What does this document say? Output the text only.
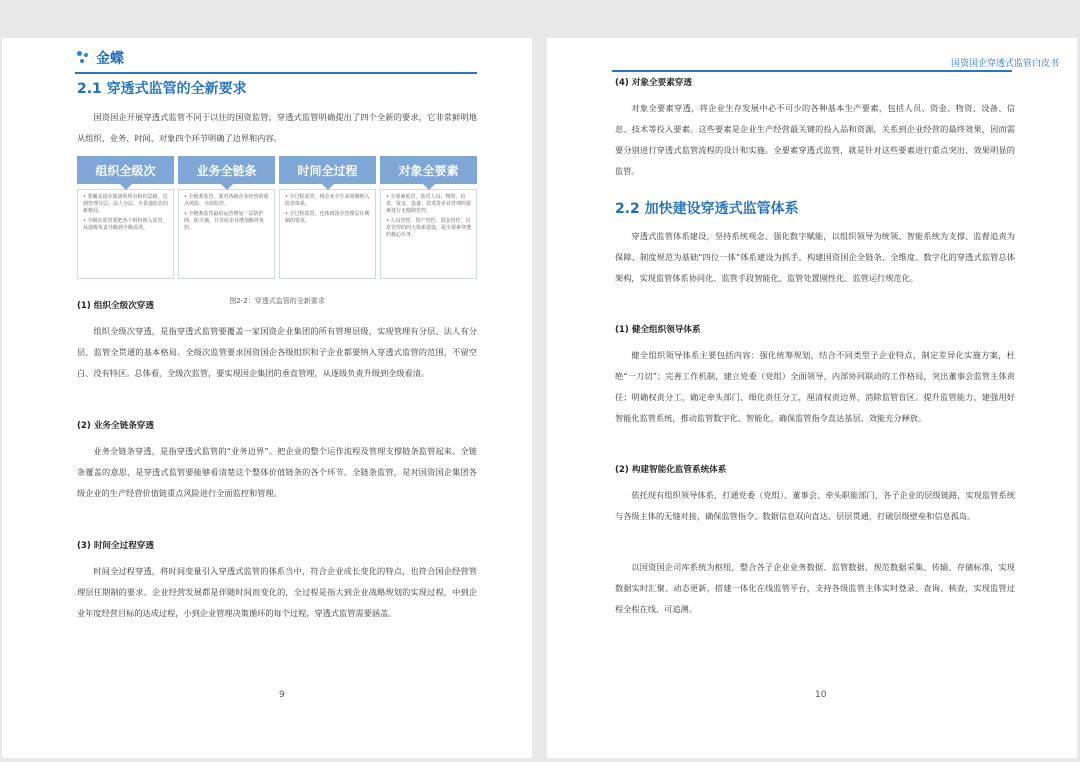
金蝶
2.1 穿透式监管的全新要求

国资国企开展穿透式监管不同于以往的国资监管，穿透式监管明确提出了四个全新的要求，它非常鲜明地从组织、业务、时间、对象四个环节明确了边界和内容。

组织全级次

• 要覆盖国企集团的所有组织层级，达到管理分层、法人分层、全贯通监管的新格局。

• 全级次监管要把各个组织纳入监管，从逐级负责升级到全级看清。

业务全链条

• 全链条监管，要对各级企业经营的重点风险、全面监控。

• 全链条监管最给运营增加一层防护网、防火墙，并非给企业增加额外负担。

时间全过程

• 全过程监管，将企业全生命周期纳入监管体系。

• 全过程监管，也体现国企管理层任期制的要求。

对象全要素

• 全要素监管，监对人员、物资、信息、资金、设备、技术等企业管理的要素进行无缝隙管控。

• 人员管控、资产管控、资金管控、信息管控的四大体系建设，是全要素穿透的核心任务。

图2-2：穿透式监管的全新要求

(1) 组织全级次穿透

组织全级次穿透，是指穿透式监管要覆盖一家国资企业集团的所有管理层级，实现管理有分层、法人有分层，监管全贯通的基本格局。全级次监管要求国资国企各级组织和子企业都要纳入穿透式监管的范围，不留空白、没有特区。总体看，全级次监管，要实现国企集团的垂直管理，从逐级负责升级到全级看清。

(2) 业务全链条穿透

业务全链条穿透，是指穿透式监管的“业务边界”。把企业的整个运作流程及管理支撑链条监管起来。全链条覆盖的意思，是穿透式监管要能够看清楚这个整体价值链条的各个环节。全链条监管，是对国资国企集团各级企业的生产经营价值链重点风险进行全面监控和管理。

(3) 时间全过程穿透

时间全过程穿透，将时间变量引入穿透式监管的体系当中，符合企业成长变化的特点，也符合国企经营管理层任期制的要求。企业经营发展都是伴随时间而变化的，全过程是指大到企业战略规划的实现过程，中到企业年度经营目标的达成过程，小到企业管理决策循环的每个过程，穿透式监管需要涵盖。

9
国资国企穿透式监管白皮书

(4) 对象全要素穿透

对象全要素穿透，将企业生存发展中必不可少的各种基本生产要素，包括人员、资金、物资、设备、信息、技术等投入要素。这些要素是企业生产经营最关键的投入品和资源，关系到企业经营的最终效果，因而需要分别进行穿透式监管流程的设计和实施。全要素穿透式监管，就是针对这些要素进行重点突出、效果明显的监管。

2.2 加快建设穿透式监管体系

穿透式监管体系建设，坚持系统观念、强化数字赋能，以组织领导为统领、智能系统为支撑、监督追责为保障、制度规范为基础“四位一体”体系建设为抓手，构建国资国企全链条、全维度、数字化的穿透式监管总体架构，实现监管体系协同化、监管手段智能化、监管处置刚性化、监管运行规范化。

(1) 健全组织领导体系

健全组织领导体系主要包括内容：强化统筹规划，结合不同类型子企业特点，制定差异化实施方案，杜绝“一刀切”；完善工作机制，建立党委（党组）全面领导、内部协同联动的工作格局，突出董事会监管主体责任；明确权责分工，确定牵头部门、细化责任分工，厘清权责边界，消除监管盲区。提升监管能力，建强用好智能化监管系统，推动监管数字化、智能化，确保监管指令直达基层、效能充分释放。

(2) 构建智能化监管系统体系

依托现有组织领导体系，打通党委（党组）、董事会、牵头职能部门、各子企业的层级链路，实现监管系统与各级主体的无缝对接，确保监管指令、数据信息双向直达、层层贯通，打破层级壁垒和信息孤岛。

以国资国企司库系统为枢纽，整合各子企业业务数据、监管数据，规范数据采集、传输、存储标准，实现数据实时汇聚、动态更新，搭建一体化在线监管平台，支持各级监管主体实时登录、查询、核查，实现监管过程全程在线、可追溯。

10
